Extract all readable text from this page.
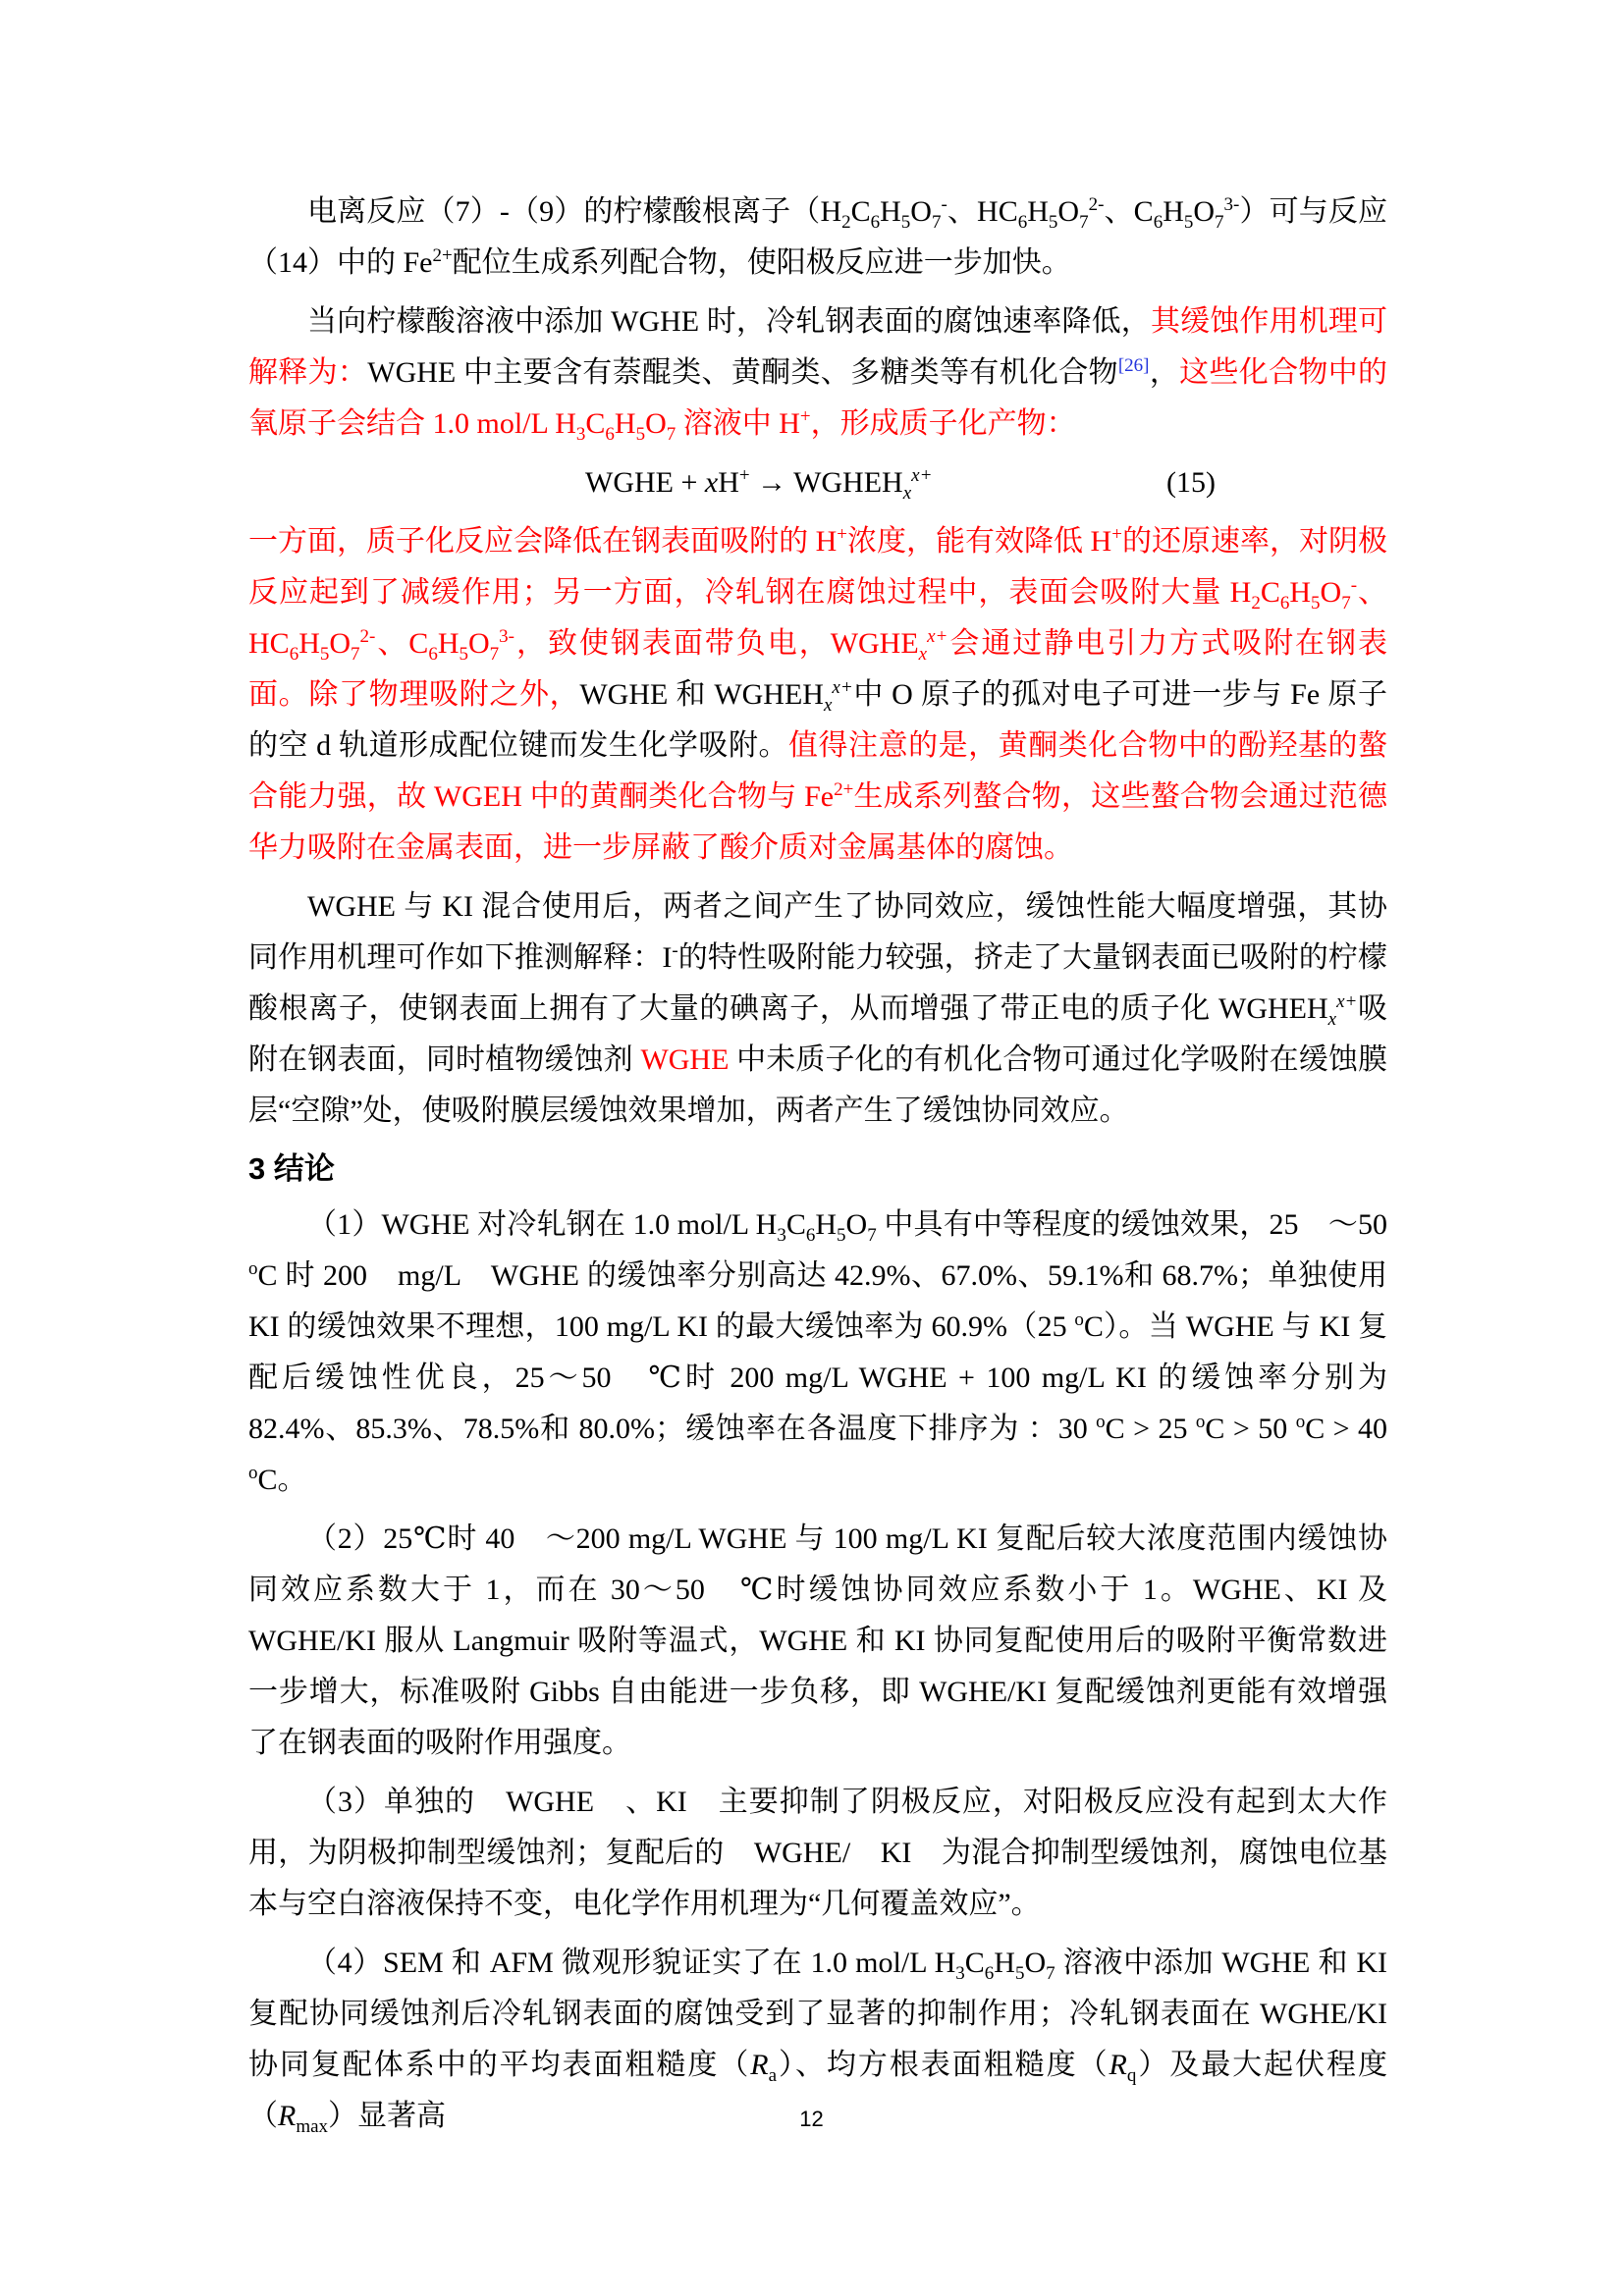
电离反应（7）-（9）的柠檬酸根离子（$H_2C_6H_5O_7^-$、$HC_6H_5O_7^{2-}$、$C_6H_5O_7^{3-}$）可与反应（14）中的 $Fe^{2+}$配位生成系列配合物，使阳极反应进一步加快。

当向柠檬酸溶液中添加 WGHE 时，冷轧钢表面的腐蚀速率降低，其缓蚀作用机理可解释为：WGHE 中主要含有萘醌类、黄酮类、多糖类等有机化合物[26]，这些化合物中的氧原子会结合 1.0 mol/L $H_3C_6H_5O_7$ 溶液中 H+，形成质子化产物：

WGHE + $xH^+ \to WGHEH_x^{x+}$	(15)

一方面，质子化反应会降低在钢表面吸附的 H+浓度，能有效降低 H+的还原速率，对阴极反应起到了减缓作用；另一方面，冷轧钢在腐蚀过程中，表面会吸附大量 $H_2C_6H_5O_7^-$、$HC_6H_5O_7^{2-}$、$C_6H_5O_7^{3-}$，致使钢表面带负电，$WGHE_x^{x+}$会通过静电引力方式吸附在钢表面。除了物理吸附之外，WGHE 和 $WGHEH_x^{x+}$中 O 原子的孤对电子可进一步与 Fe 原子的空 d 轨道形成配位键而发生化学吸附。值得注意的是，黄酮类化合物中的酚羟基的螯合能力强，故 WGEH 中的黄酮类化合物与 $Fe^{2+}$生成系列螯合物，这些螯合物会通过范德华力吸附在金属表面，进一步屏蔽了酸介质对金属基体的腐蚀。

WGHE 与 KI 混合使用后，两者之间产生了协同效应，缓蚀性能大幅度增强，其协同作用机理可作如下推测解释：I-的特性吸附能力较强，挤走了大量钢表面已吸附的柠檬酸根离子，使钢表面上拥有了大量的碘离子，从而增强了带正电的质子化 $WGHEH_x^{x+}$吸附在钢表面，同时植物缓蚀剂 WGHE 中未质子化的有机化合物可通过化学吸附在缓蚀膜层“空隙”处，使吸附膜层缓蚀效果增加，两者产生了缓蚀协同效应。

3 结论

（1）WGHE 对冷轧钢在 1.0 mol/L $H_3C_6H_5O_7$ 中具有中等程度的缓蚀效果，25　～50 $^o$C 时 200　mg/L　WGHE 的缓蚀率分别高达 42.9%、67.0%、59.1%和 68.7%；单独使用 KI 的缓蚀效果不理想，100 mg/L KI 的最大缓蚀率为 60.9%（25 $^o$C）。当 WGHE 与 KI 复配后缓蚀性优良，25～50　℃时 200 mg/L WGHE + 100 mg/L KI 的缓蚀率分别为 82.4%、85.3%、78.5%和 80.0%；缓蚀率在各温度下排序为 ：30 $^o$C > 25 $^o$C > 50 $^o$C > 40 $^o$C。

（2）25℃时 40　～200 mg/L WGHE 与 100 mg/L KI 复配后较大浓度范围内缓蚀协同效应系数大于 1，而在 30～50　℃时缓蚀协同效应系数小于 1。WGHE、KI 及 WGHE/KI 服从 Langmuir 吸附等温式，WGHE 和 KI 协同复配使用后的吸附平衡常数进一步增大，标准吸附 Gibbs 自由能进一步负移，即 WGHE/KI 复配缓蚀剂更能有效增强了在钢表面的吸附作用强度。

（3）单独的　WGHE　、KI　主要抑制了阴极反应，对阳极反应没有起到太大作用，为阴极抑制型缓蚀剂；复配后的　WGHE/　KI　为混合抑制型缓蚀剂，腐蚀电位基本与空白溶液保持不变，电化学作用机理为“几何覆盖效应”。

（4）SEM 和 AFM 微观形貌证实了在 1.0 mol/L $H_3C_6H_5O_7$ 溶液中添加 WGHE 和 KI 复配协同缓蚀剂后冷轧钢表面的腐蚀受到了显著的抑制作用；冷轧钢表面在 WGHE/KI 协同复配体系中的平均表面粗糙度$(R_a)$、均方根表面粗糙度$(R_q)$及最大起伏程度$(R_{max})$显著高	12
